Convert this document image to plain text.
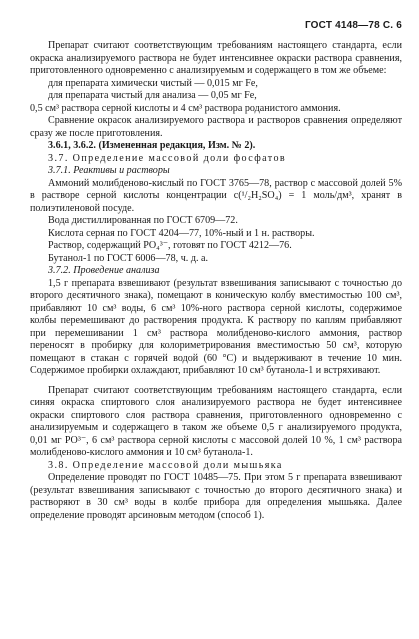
ГОСТ 4148—78 С. 6

Препарат считают соответствующим требованиям настоящего стандарта, если окраска анализируемого раствора не будет интенсивнее окраски раствора сравнения, приготовленного одновременно с анализируемым и содержащего в том же объеме:

для препарата химически чистый — 0,015 мг Fe,

для препарата чистый для анализа — 0,05 мг Fe,

0,5 см³ раствора серной кислоты и 4 см³ раствора роданистого аммония.

Сравнение окрасок анализируемого раствора и растворов сравнения определяют сразу же после приготовления.

3.6.1, 3.6.2. (Измененная редакция, Изм. № 2).

3.7. Определение массовой доли фосфатов

3.7.1. Реактивы и растворы

Аммоний молибденово-кислый по ГОСТ 3765—78, раствор с массовой долей 5% в растворе серной кислоты концентрации с(¹/₂H₂SO₄) = 1 моль/дм³, хранят в полиэтиленовой посуде.

Вода дистиллированная по ГОСТ 6709—72.

Кислота серная по ГОСТ 4204—77, 10%-ный и 1 н. растворы.

Раствор, содержащий PO₄³⁻, готовят по ГОСТ 4212—76.

Бутанол-1 по ГОСТ 6006—78, ч. д. а.

3.7.2. Проведение анализа

1,5 г препарата взвешивают (результат взвешивания записывают с точностью до второго десятичного знака), помещают в коническую колбу вместимостью 100 см³, прибавляют 10 см³ воды, 6 см³ 10%-ного раствора серной кислоты, содержимое колбы перемешивают до растворения продукта. К раствору по каплям прибавляют при перемешивании 1 см³ раствора молибденово-кислого аммония, раствор переносят в пробирку для колориметрирования вместимостью 50 см³, которую помещают в стакан с горячей водой (60 °C) и выдерживают в течение 10 мин. Содержимое пробирки охлаждают, прибавляют 10 см³ бутанола-1 и встряхивают.

Препарат считают соответствующим требованиям настоящего стандарта, если синяя окраска спиртового слоя анализируемого раствора не будет интенсивнее окраски спиртового слоя раствора сравнения, приготовленного одновременно с анализируемым и содержащего в таком же объеме 0,5 г анализируемого продукта, 0,01 мг PO³⁻, 6 см³ раствора серной кислоты с массовой долей 10 %, 1 см³ раствора молибденово-кислого аммония и 10 см³ бутанола-1.

3.8. Определение массовой доли мышьяка

Определение проводят по ГОСТ 10485—75. При этом 5 г препарата взвешивают (результат взвешивания записывают с точностью до второго десятичного знака) и растворяют в 30 см³ воды в колбе прибора для определения мышьяка. Далее определение проводят арсиновым методом (способ 1).
